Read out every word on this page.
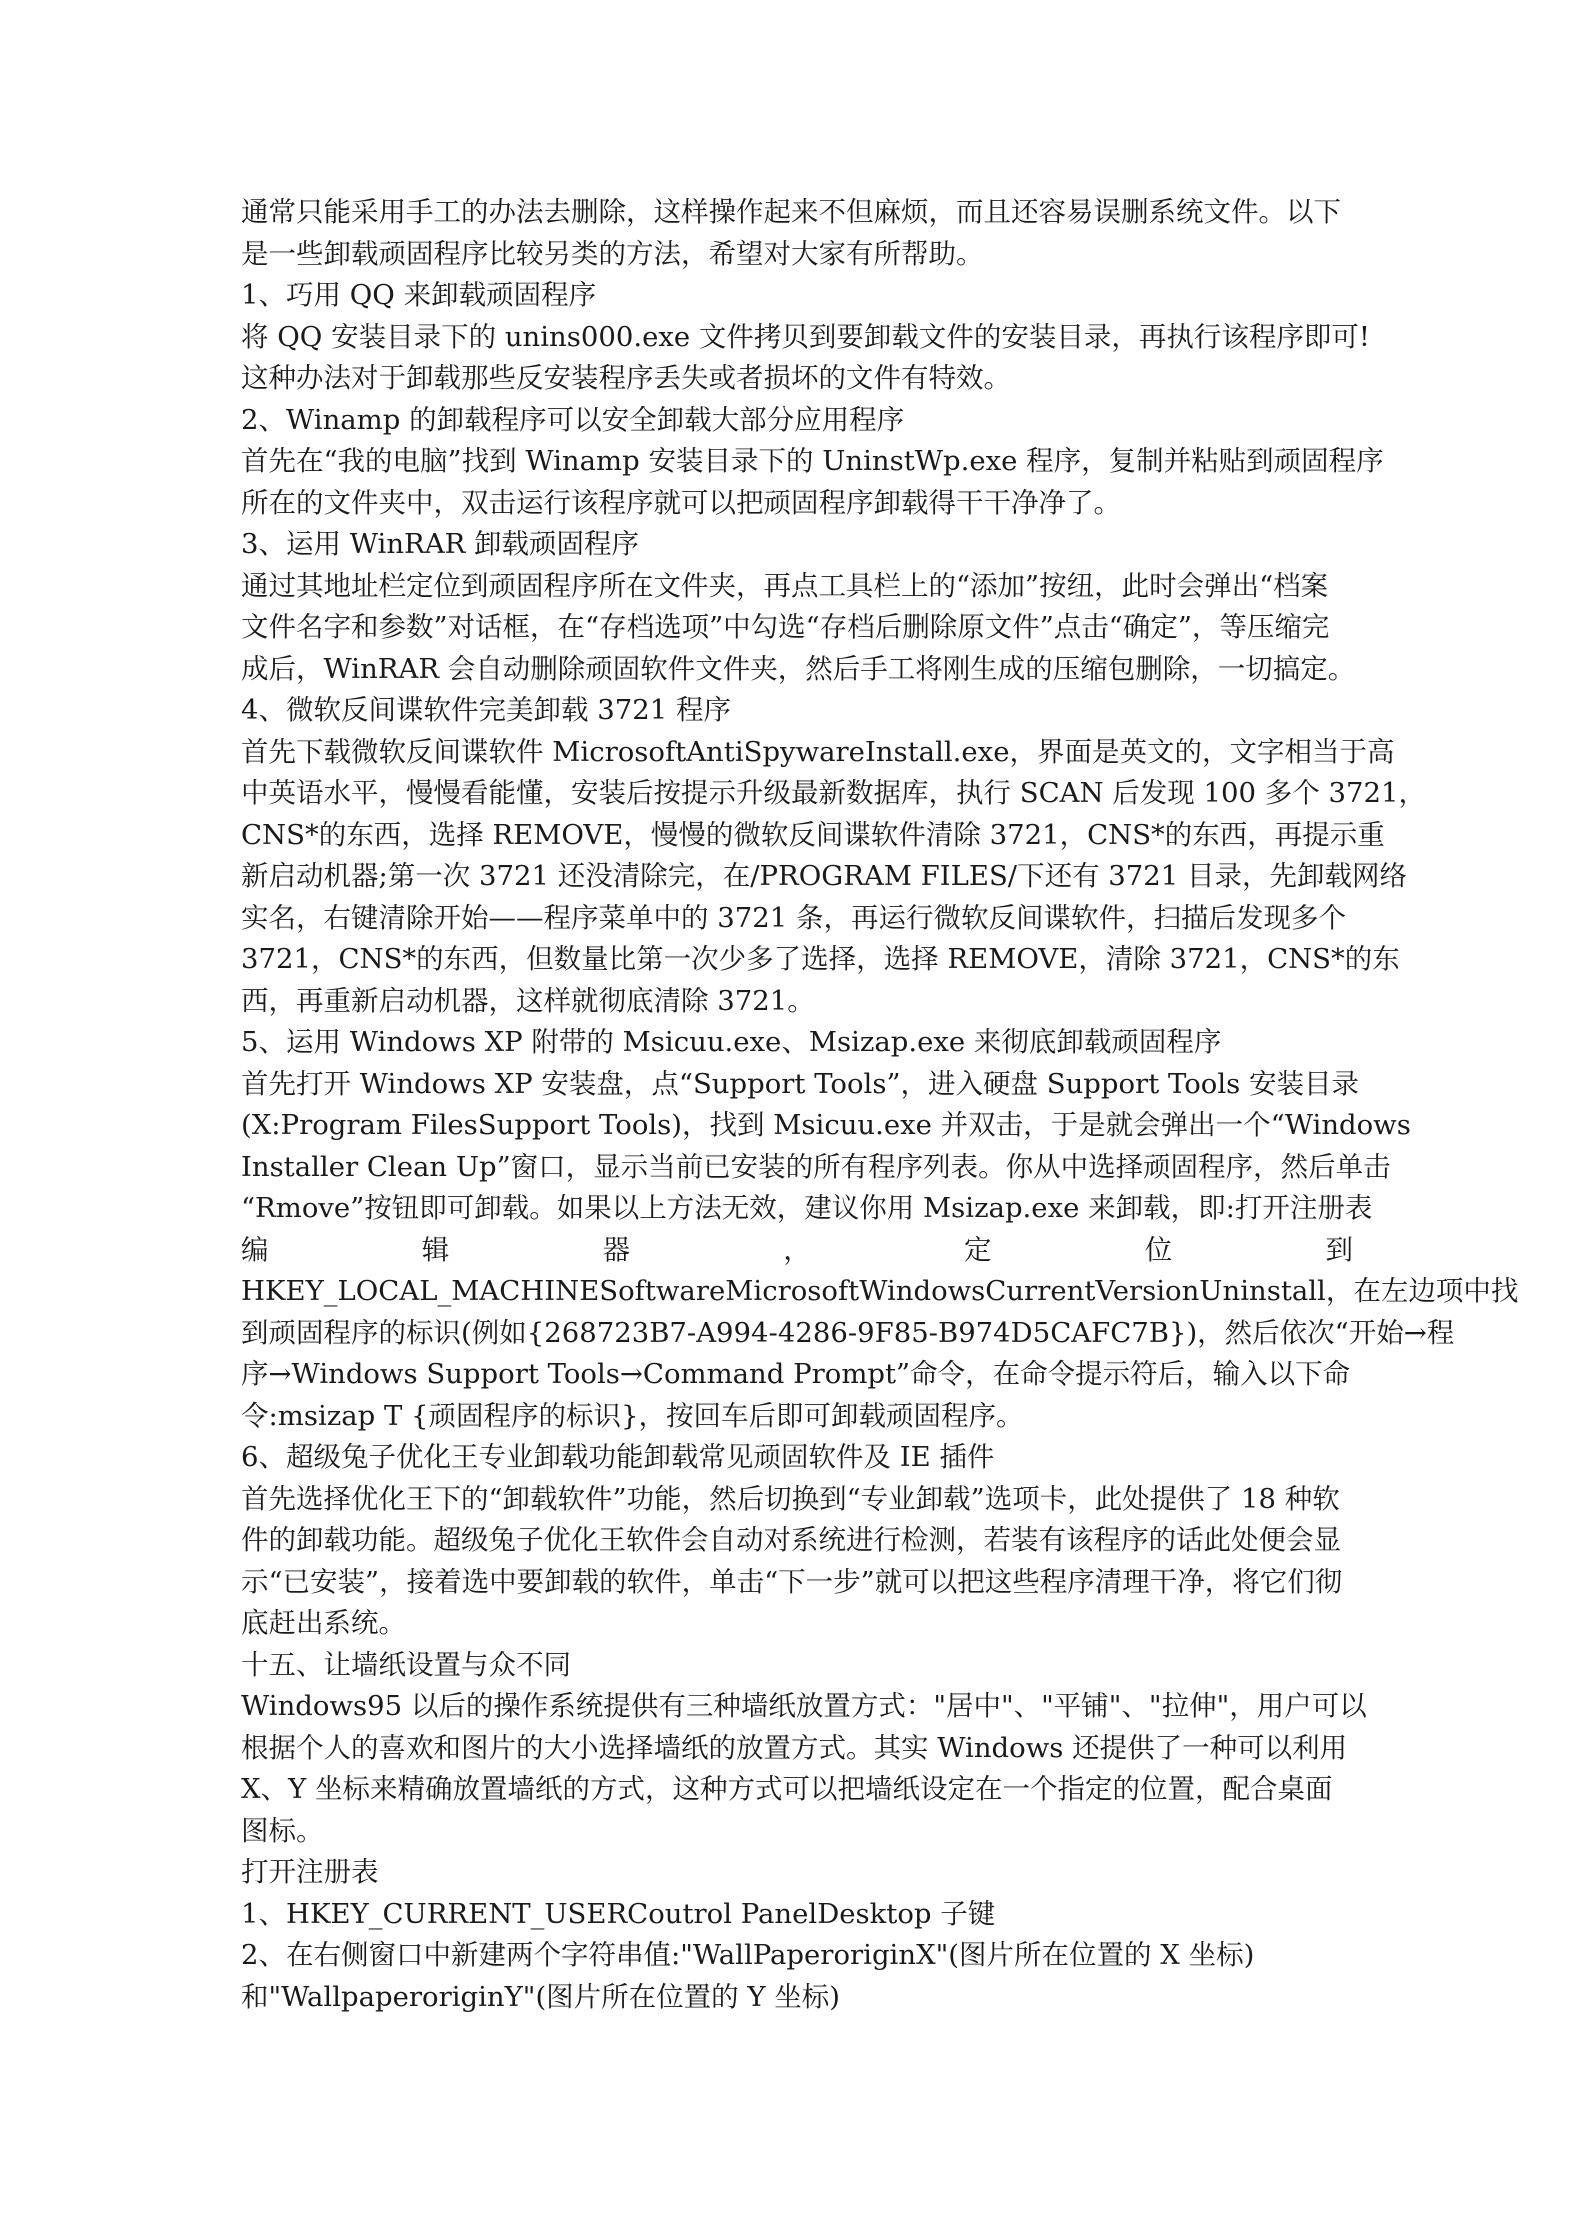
通常只能采用手工的办法去删除，这样操作起来不但麻烦，而且还容易误删系统文件。以下
是一些卸载顽固程序比较另类的方法，希望对大家有所帮助。
1、巧用 QQ 来卸载顽固程序
将 QQ 安装目录下的 unins000.exe 文件拷贝到要卸载文件的安装目录，再执行该程序即可!
这种办法对于卸载那些反安装程序丢失或者损坏的文件有特效。
2、Winamp 的卸载程序可以安全卸载大部分应用程序
首先在“我的电脑”找到 Winamp 安装目录下的 UninstWp.exe 程序，复制并粘贴到顽固程序
所在的文件夹中，双击运行该程序就可以把顽固程序卸载得干干净净了。
3、运用 WinRAR 卸载顽固程序
通过其地址栏定位到顽固程序所在文件夹，再点工具栏上的“添加”按纽，此时会弹出“档案
文件名字和参数”对话框，在“存档选项”中勾选“存档后删除原文件”点击“确定”，等压缩完
成后，WinRAR 会自动删除顽固软件文件夹，然后手工将刚生成的压缩包删除，一切搞定。
4、微软反间谍软件完美卸载 3721 程序
首先下载微软反间谍软件 MicrosoftAntiSpywareInstall.exe，界面是英文的，文字相当于高
中英语水平，慢慢看能懂，安装后按提示升级最新数据库，执行 SCAN 后发现 100 多个 3721，
CNS*的东西，选择 REMOVE，慢慢的微软反间谍软件清除 3721，CNS*的东西，再提示重
新启动机器;第一次 3721 还没清除完，在/PROGRAM FILES/下还有 3721 目录，先卸载网络
实名，右键清除开始——程序菜单中的 3721 条，再运行微软反间谍软件，扫描后发现多个
3721，CNS*的东西，但数量比第一次少多了选择，选择 REMOVE，清除 3721，CNS*的东
西，再重新启动机器，这样就彻底清除 3721。
5、运用 Windows XP 附带的 Msicuu.exe、Msizap.exe 来彻底卸载顽固程序
首先打开 Windows XP 安装盘，点“Support Tools”，进入硬盘 Support Tools 安装目录
(X:Program FilesSupport Tools)，找到 Msicuu.exe 并双击，于是就会弹出一个“Windows
Installer Clean Up”窗口，显示当前已安装的所有程序列表。你从中选择顽固程序，然后单击
“Rmove”按钮即可卸载。如果以上方法无效，建议你用 Msizap.exe 来卸载，即:打开注册表
编	辑	器	，	定	位	到
HKEY_LOCAL_MACHINESoftwareMicrosoftWindowsCurrentVersionUninstall，在左边项中找
到顽固程序的标识(例如{268723B7-A994-4286-9F85-B974D5CAFC7B})，然后依次“开始→程
序→Windows Support Tools→Command Prompt”命令，在命令提示符后，输入以下命
令:msizap T {顽固程序的标识}，按回车后即可卸载顽固程序。
6、超级兔子优化王专业卸载功能卸载常见顽固软件及 IE 插件
首先选择优化王下的“卸载软件”功能，然后切换到“专业卸载”选项卡，此处提供了 18 种软
件的卸载功能。超级兔子优化王软件会自动对系统进行检测，若装有该程序的话此处便会显
示“已安装”，接着选中要卸载的软件，单击“下一步”就可以把这些程序清理干净，将它们彻
底赶出系统。
十五、让墙纸设置与众不同
Windows95 以后的操作系统提供有三种墙纸放置方式："居中"、"平铺"、"拉伸"，用户可以
根据个人的喜欢和图片的大小选择墙纸的放置方式。其实 Windows 还提供了一种可以利用
X、Y 坐标来精确放置墙纸的方式，这种方式可以把墙纸设定在一个指定的位置，配合桌面
图标。
打开注册表
1、HKEY_CURRENT_USERCoutrol PanelDesktop 子键
2、在右侧窗口中新建两个字符串值:"WallPaperoriginX"(图片所在位置的 X 坐标)
和"WallpaperoriginY"(图片所在位置的 Y 坐标)
